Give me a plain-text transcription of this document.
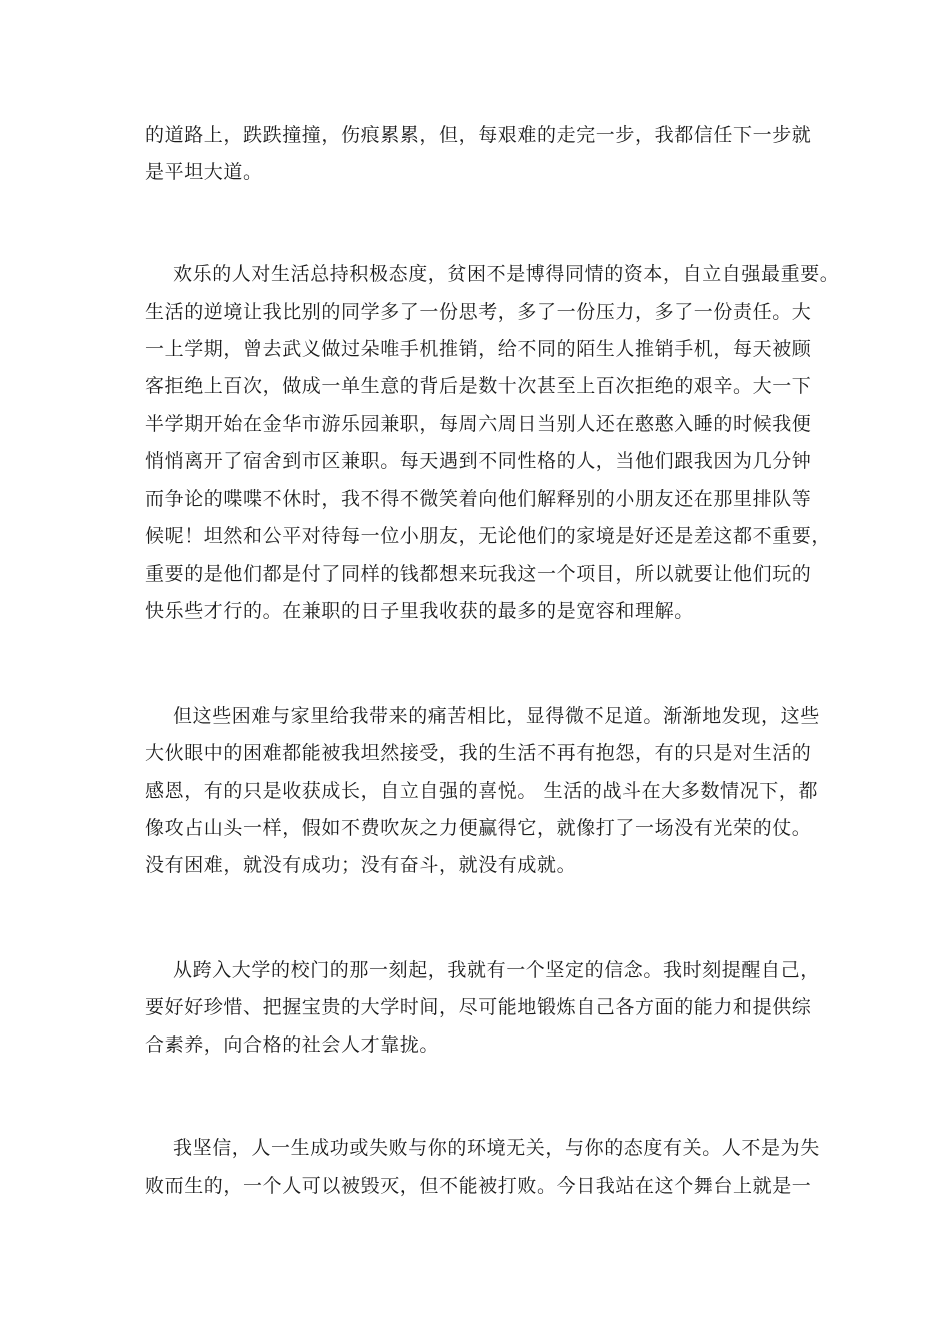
的道路上，跌跌撞撞，伤痕累累，但，每艰难的走完一步，我都信任下一步就
是平坦大道。
欢乐的人对生活总持积极态度，贫困不是博得同情的资本，自立自强最重要。
生活的逆境让我比别的同学多了一份思考，多了一份压力，多了一份责任。大
一上学期，曾去武义做过朵唯手机推销，给不同的陌生人推销手机，每天被顾
客拒绝上百次，做成一单生意的背后是数十次甚至上百次拒绝的艰辛。大一下
半学期开始在金华市游乐园兼职，每周六周日当别人还在憨憨入睡的时候我便
悄悄离开了宿舍到市区兼职。每天遇到不同性格的人，当他们跟我因为几分钟
而争论的喋喋不休时，我不得不微笑着向他们解释别的小朋友还在那里排队等
候呢！坦然和公平对待每一位小朋友，无论他们的家境是好还是差这都不重要，
重要的是他们都是付了同样的钱都想来玩我这一个项目，所以就要让他们玩的
快乐些才行的。在兼职的日子里我收获的最多的是宽容和理解。
但这些困难与家里给我带来的痛苦相比，显得微不足道。渐渐地发现，这些
大伙眼中的困难都能被我坦然接受，我的生活不再有抱怨，有的只是对生活的
感恩，有的只是收获成长，自立自强的喜悦。 生活的战斗在大多数情况下，都
像攻占山头一样，假如不费吹灰之力便赢得它，就像打了一场没有光荣的仗。
没有困难，就没有成功；没有奋斗，就没有成就。
从跨入大学的校门的那一刻起，我就有一个坚定的信念。我时刻提醒自己，
要好好珍惜、把握宝贵的大学时间，尽可能地锻炼自己各方面的能力和提供综
合素养，向合格的社会人才靠拢。
我坚信，人一生成功或失败与你的环境无关，与你的态度有关。人不是为失
败而生的，一个人可以被毁灭，但不能被打败。今日我站在这个舞台上就是一
